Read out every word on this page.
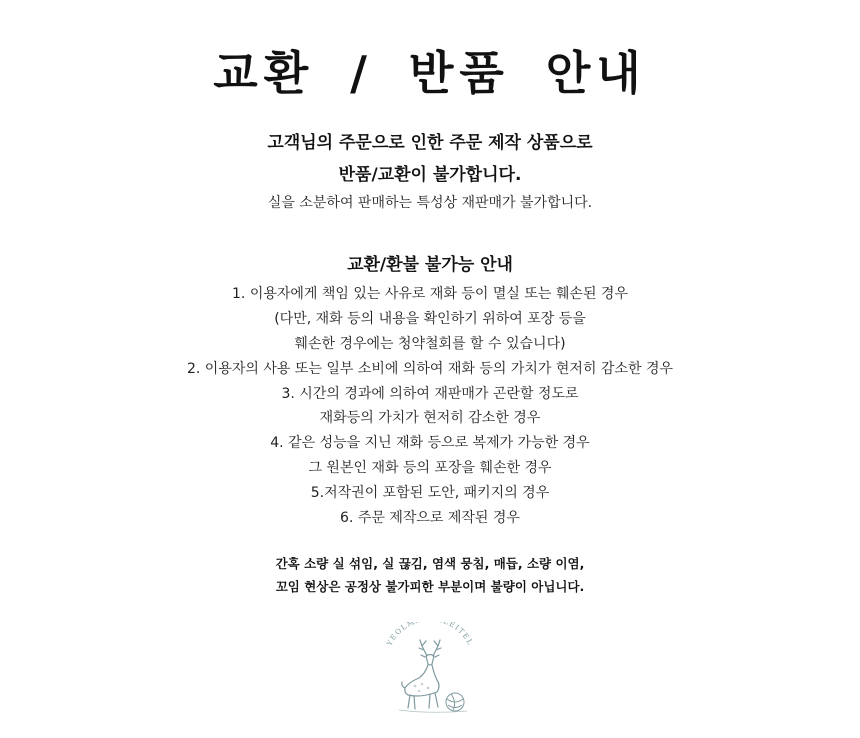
교환 / 반품 안내
고객님의 주문으로 인한 주문 제작 상품으로
반품/교환이 불가합니다.
실을 소분하여 판매하는 특성상 재판매가 불가합니다.
교환/환불 불가능 안내
1. 이용자에게 책임 있는 사유로 재화 등이 멸실 또는 훼손된 경우
(다만, 재화 등의 내용을 확인하기 위하여 포장 등을
훼손한 경우에는 청약철회를 할 수 있습니다)
2. 이용자의 사용 또는 일부 소비에 의하여 재화 등의 가치가 현저히 감소한 경우
3. 시간의 경과에 의하여 재판매가 곤란할 정도로
재화등의 가치가 현저히 감소한 경우
4. 같은 성능을 지닌 재화 등으로 복제가 가능한 경우
그 원본인 재화 등의 포장을 훼손한 경우
5.저작권이 포함된 도안, 패키지의 경우
6. 주문 제작으로 제작된 경우
간혹 소량 실 섞임, 실 끊김, 염색 뭉침, 매듭, 소량 이염,
꼬임 현상은 공정상 불가피한 부분이며 불량이 아닙니다.
YEOLM EITEL
